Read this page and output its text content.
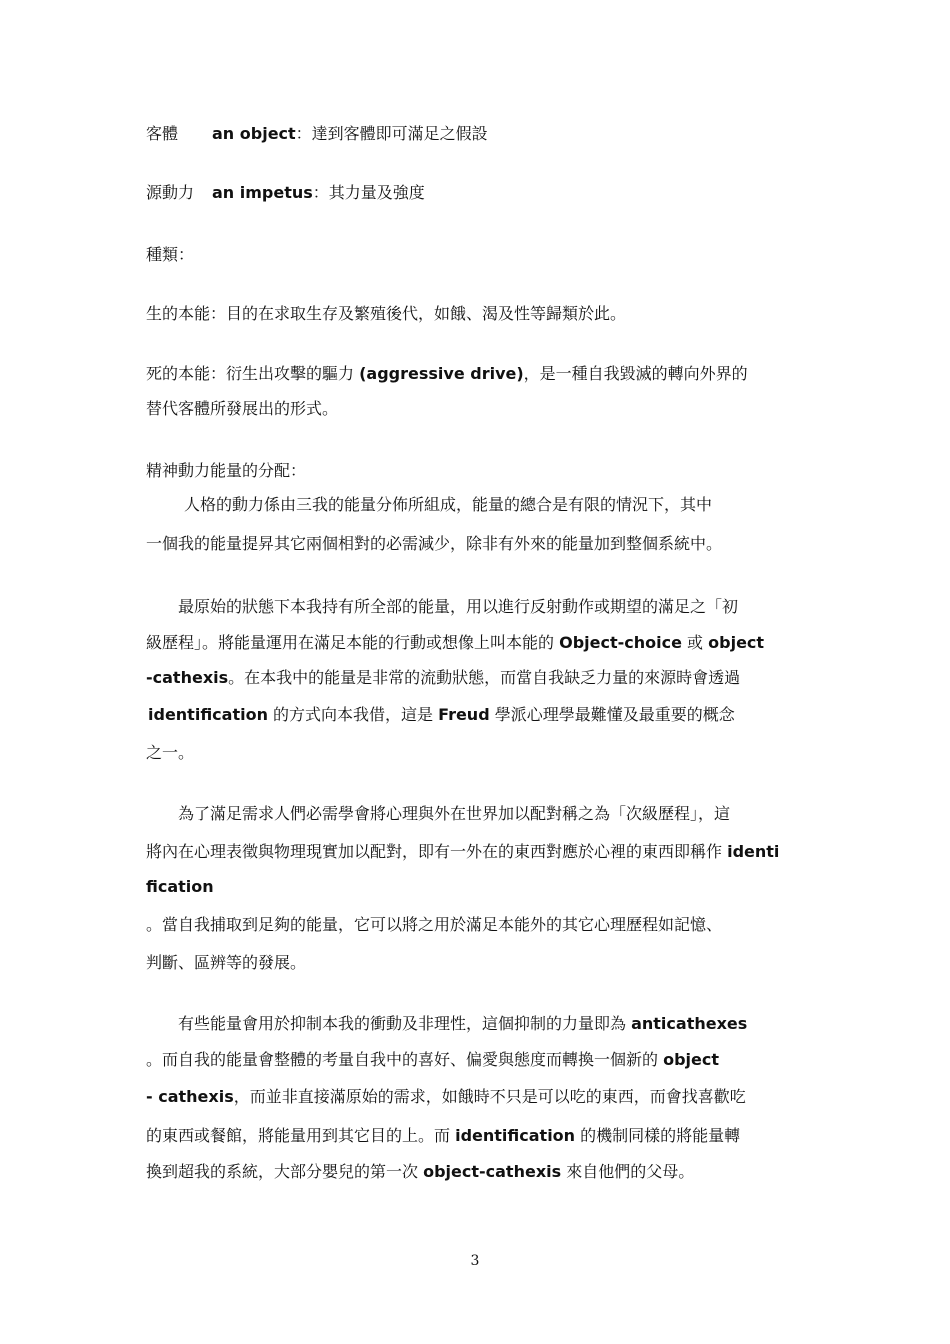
客體 an object：達到客體即可滿足之假設
源動力 an impetus：其力量及強度
種類：
生的本能：目的在求取生存及繁殖後代，如餓、渴及性等歸類於此。
死的本能：衍生出攻擊的驅力 (aggressive drive)，是一種自我毀滅的轉向外界的
替代客體所發展出的形式。
精神動力能量的分配：
　人格的動力係由三我的能量分佈所組成，能量的總合是有限的情況下，其中
一個我的能量提昇其它兩個相對的必需減少，除非有外來的能量加到整個系統中。
最原始的狀態下本我持有所全部的能量，用以進行反射動作或期望的滿足之「初
級歷程」。將能量運用在滿足本能的行動或想像上叫本能的 Object-choice 或 object
-cathexis。在本我中的能量是非常的流動狀態，而當自我缺乏力量的來源時會透過
identification 的方式向本我借，這是 Freud 學派心理學最難懂及最重要的概念
之一。
為了滿足需求人們必需學會將心理與外在世界加以配對稱之為「次級歷程」，這
將內在心理表徵與物理現實加以配對，即有一外在的東西對應於心裡的東西即稱作 identi
fication
。當自我捕取到足夠的能量，它可以將之用於滿足本能外的其它心理歷程如記憶、
判斷、區辨等的發展。
有些能量會用於抑制本我的衝動及非理性，這個抑制的力量即為 anticathexes
。而自我的能量會整體的考量自我中的喜好、偏愛與態度而轉換一個新的 object
- cathexis，而並非直接滿原始的需求，如餓時不只是可以吃的東西，而會找喜歡吃
的東西或餐館，將能量用到其它目的上。而 identification 的機制同樣的將能量轉
換到超我的系統，大部分嬰兒的第一次 object-cathexis 來自他們的父母。
3
